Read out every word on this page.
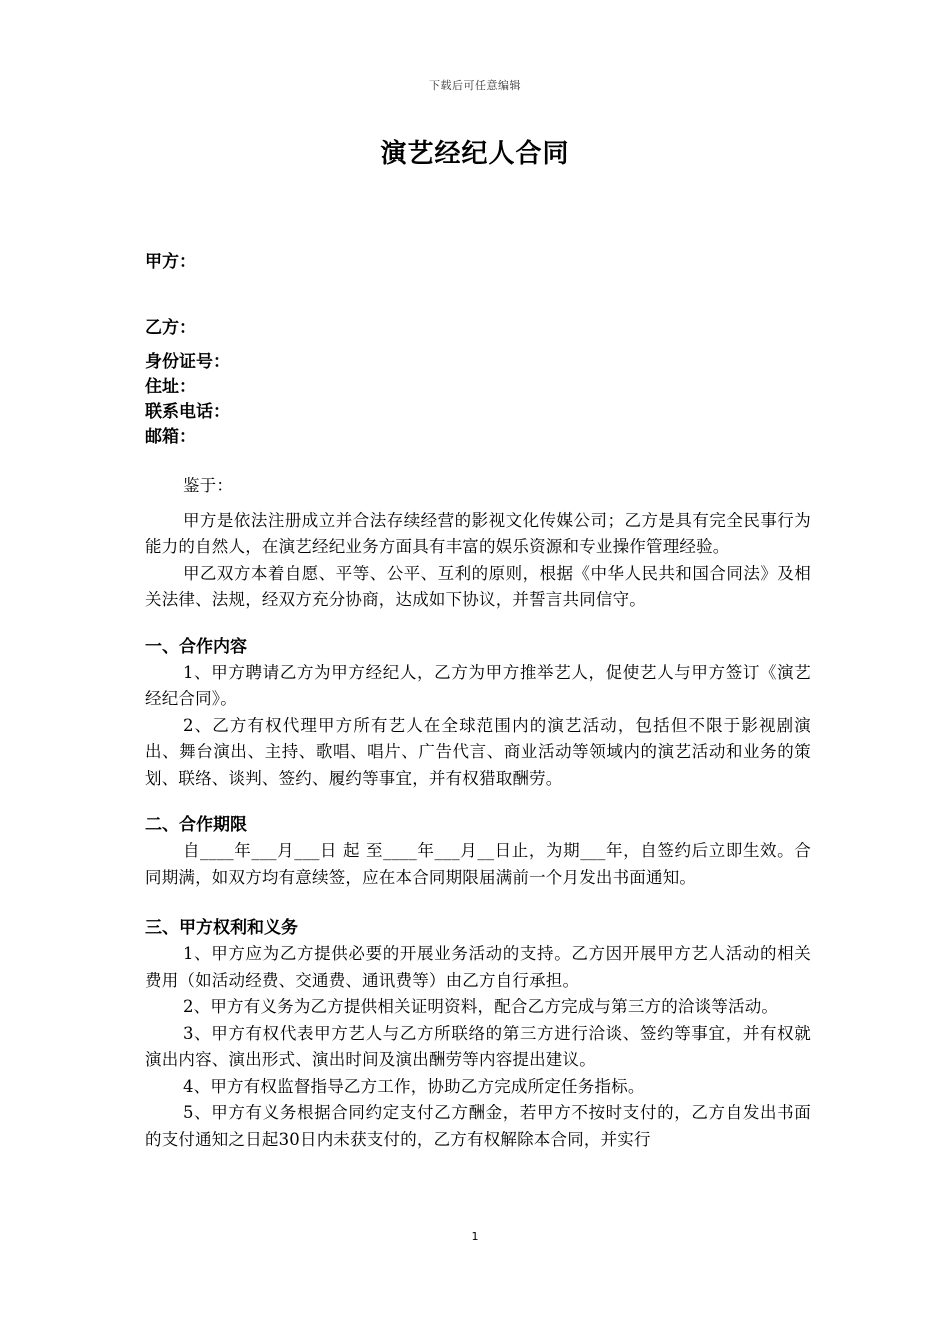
下载后可任意编辑
演艺经纪人合同
甲方：
乙方：
身份证号：
住址：
联系电话：
邮箱：

鉴于：

甲方是依法注册成立并合法存续经营的影视文化传媒公司；乙方是具有完全民事行为能力的自然人，在演艺经纪业务方面具有丰富的娱乐资源和专业操作管理经验。

甲乙双方本着自愿、平等、公平、互利的原则，根据《中华人民共和国合同法》及相关法律、法规，经双方充分协商，达成如下协议，并誓言共同信守。

一、合作内容

1、甲方聘请乙方为甲方经纪人，乙方为甲方推举艺人，促使艺人与甲方签订《演艺经纪合同》。

2、乙方有权代理甲方所有艺人在全球范围内的演艺活动，包括但不限于影视剧演出、舞台演出、主持、歌唱、唱片、广告代言、商业活动等领域内的演艺活动和业务的策划、联络、谈判、签约、履约等事宜，并有权猎取酬劳。

二、合作期限

自____年___月___日 起 至____年___月__日止，为期___年，自签约后立即生效。合同期满，如双方均有意续签，应在本合同期限届满前一个月发出书面通知。

三、甲方权利和义务

1、甲方应为乙方提供必要的开展业务活动的支持。乙方因开展甲方艺人活动的相关费用（如活动经费、交通费、通讯费等）由乙方自行承担。

2、甲方有义务为乙方提供相关证明资料，配合乙方完成与第三方的洽谈等活动。

3、甲方有权代表甲方艺人与乙方所联络的第三方进行洽谈、签约等事宜，并有权就演出内容、演出形式、演出时间及演出酬劳等内容提出建议。

4、甲方有权监督指导乙方工作，协助乙方完成所定任务指标。

5、甲方有义务根据合同约定支付乙方酬金，若甲方不按时支付的，乙方自发出书面的支付通知之日起30日内未获支付的，乙方有权解除本合同，并实行

1
